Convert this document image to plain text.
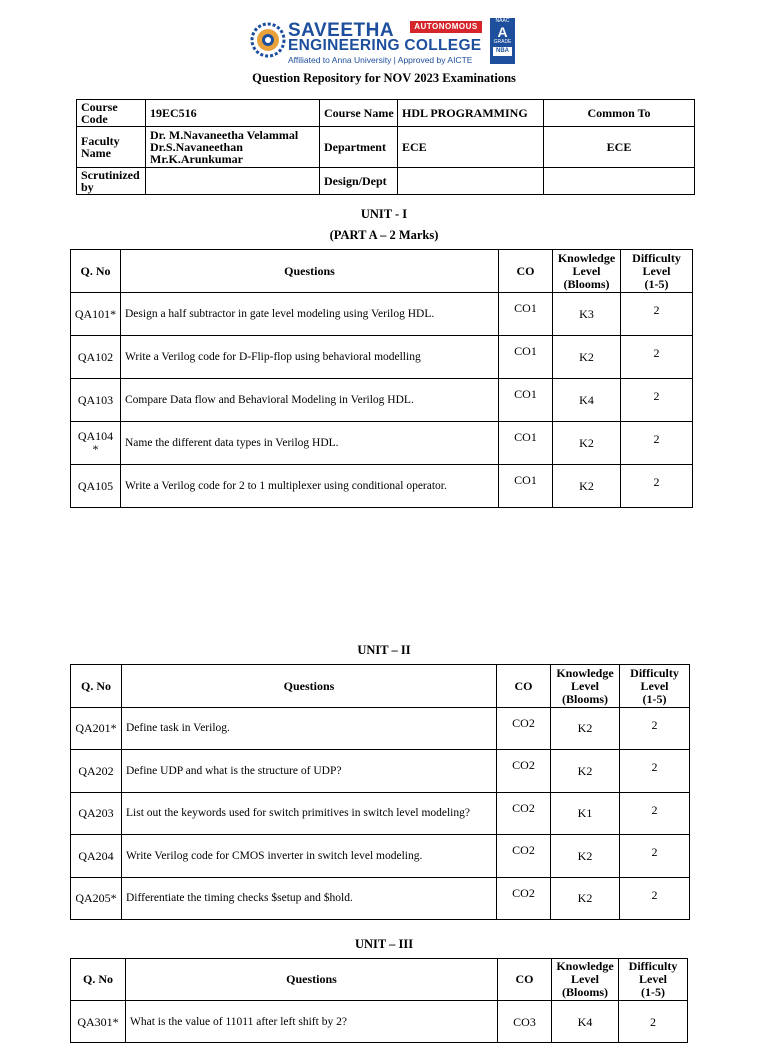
SAVEETHA
ENGINEERING COLLEGE
Affiliated to Anna University | Approved by AICTE
AUTONOMOUS
NAAC
A
GRADE
NBA
Question Repository for NOV 2023 Examinations
Course Code	19EC516	Course Name	HDL PROGRAMMING	Common To
Faculty Name	Dr. M.Navaneetha Velammal
Dr.S.Navaneethan
Mr.K.Arunkumar	Department	ECE	ECE
Scrutinized by		Design/Dept		
UNIT - I
(PART A – 2 Marks)
Q. No	Questions	CO	Knowledge
Level
(Blooms)	Difficulty
Level
(1-5)
QA101*	Design a half subtractor in gate level modeling using Verilog HDL.	CO1	K3	2
QA102	Write a Verilog code for D-Flip-flop using behavioral modelling	CO1	K2	2
QA103	Compare Data flow and Behavioral Modeling in Verilog HDL.	CO1	K4	2
QA104
*	Name the different data types in Verilog HDL.	CO1	K2	2
QA105	Write a Verilog code for 2 to 1 multiplexer using conditional operator.	CO1	K2	2
UNIT – II
Q. No	Questions	CO	Knowledge
Level
(Blooms)	Difficulty
Level
(1-5)
QA201*	Define task in Verilog.	CO2	K2	2
QA202	Define UDP and what is the structure of UDP?	CO2	K2	2
QA203	List out the keywords used for switch primitives in switch level modeling?	CO2	K1	2
QA204	Write Verilog code for CMOS inverter in switch level modeling.	CO2	K2	2
QA205*	Differentiate the timing checks $setup and $hold.	CO2	K2	2
UNIT – III
Q. No	Questions	CO	Knowledge
Level
(Blooms)	Difficulty
Level
(1-5)
QA301*	What is the value of 11011 after left shift by 2?	CO3	K4	2
